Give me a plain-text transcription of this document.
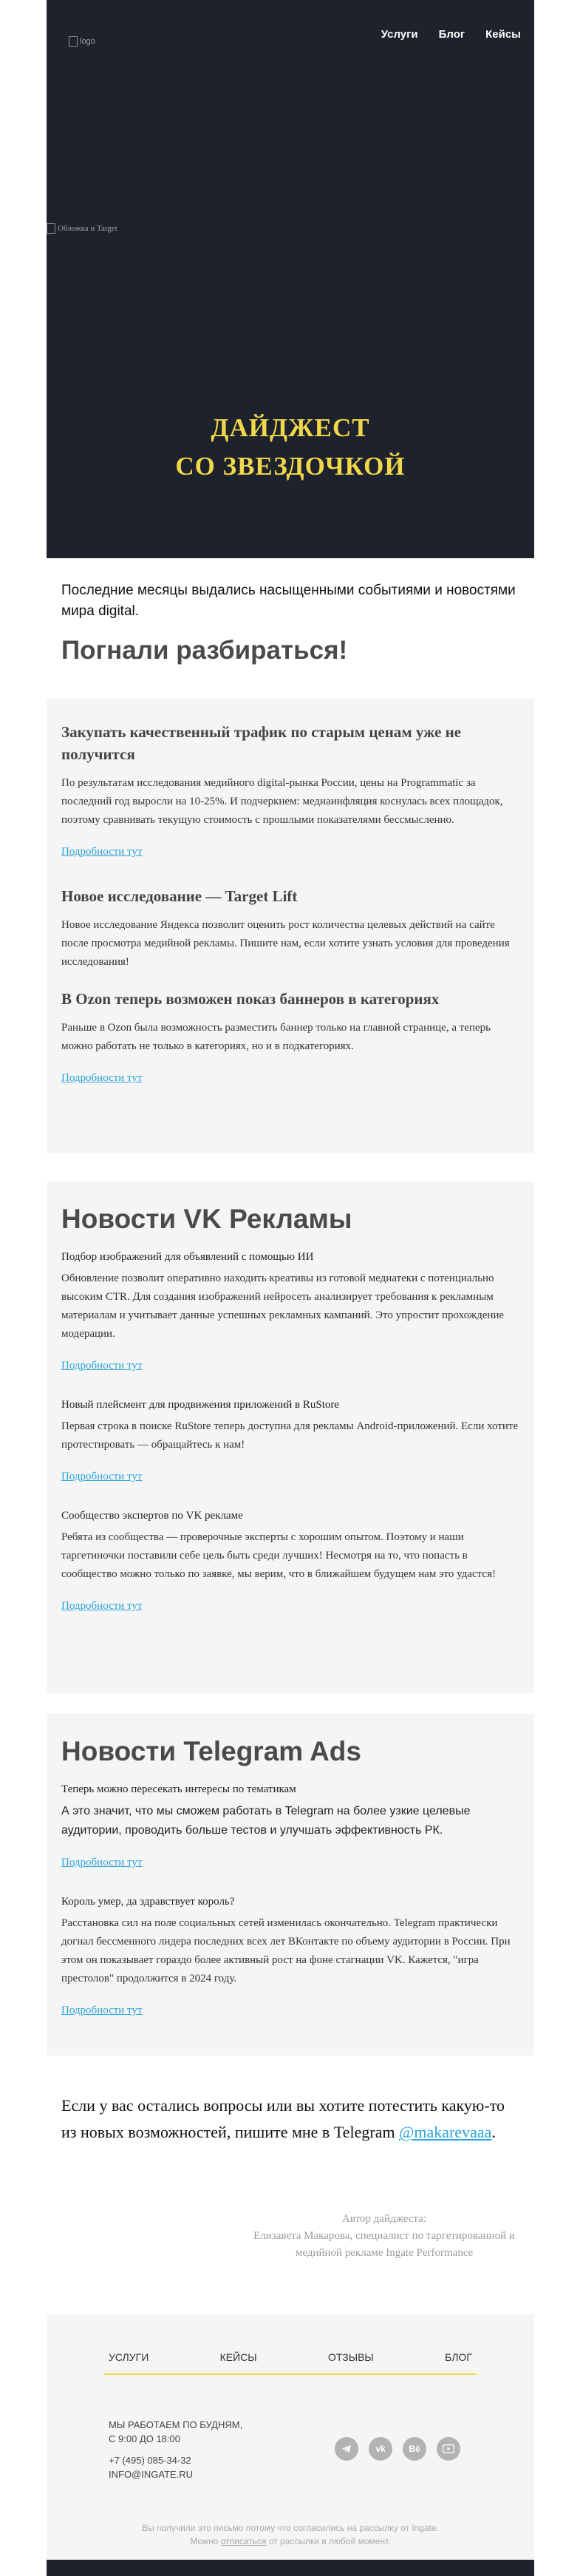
logo
Услуги Блог Кейсы
Обложка и Target
ДАЙДЖЕСТ
СО ЗВЕЗДОЧКОЙ
Последние месяцы выдались насыщенными событиями и новостями мира digital.
Погнали разбираться!
Закупать качественный трафик по старым ценам уже не получится

По результатам исследования медийного digital-рынка России, цены на Programmatic за последний год выросли на 10-25%. И подчеркнем: медиаинфляция коснулась всех площадок, поэтому сравнивать текущую стоимость с прошлыми показателями бессмысленно.

Подробности тут
Новое исследование — Target Lift

Новое исследование Яндекса позволит оценить рост количества целевых действий на сайте после просмотра медийной рекламы. Пишите нам, если хотите узнать условия для проведения исследования!

В Ozon теперь возможен показ баннеров в категориях

Раньше в Ozon была возможность разместить баннер только на главной странице, а теперь можно работать не только в категориях, но и в подкатегориях.

Подробности тут
Новости VK Рекламы
Подбор изображений для объявлений с помощью ИИ

Обновление позволит оперативно находить креативы из готовой медиатеки с потенциально высоким CTR. Для создания изображений нейросеть анализирует требования к рекламным материалам и учитывает данные успешных рекламных кампаний. Это упростит прохождение модерации.

Подробности тут
Новый плейсмент для продвижения приложений в RuStore

Первая строка в поиске RuStore теперь доступна для рекламы Android-приложений. Если хотите протестировать — обращайтесь к нам!

Подробности тут
Сообщество экспертов по VK рекламе

Ребята из сообщества — проверочные эксперты с хорошим опытом. Поэтому и наши таргетиночки поставили себе цель быть среди лучших! Несмотря на то, что попасть в сообщество можно только по заявке, мы верим, что в ближайшем будущем нам это удастся!

Подробности тут
Новости Telegram Ads
Теперь можно пересекать интересы по тематикам

А это значит, что мы сможем работать в Telegram на более узкие целевые аудитории, проводить больше тестов и улучшать эффективность РК.

Подробности тут
Король умер, да здравствует король?

Расстановка сил на поле социальных сетей изменилась окончательно. Telegram практически догнал бессменного лидера последних всех лет ВКонтакте по объему аудитории в России. При этом он показывает гораздо более активный рост на фоне стагнации VK. Кажется, "игра престолов" продолжится в 2024 году.

Подробности тут
Если у вас остались вопросы или вы хотите потестить какую-то из новых возможностей, пишите мне в Telegram @makarevaaa.
Автор дайджеста:
Елизавета Макарова, специалист по таргетированной и медийной рекламе Ingate Performance
УСЛУГИ	КЕЙСЫ	ОТЗЫВЫ	БЛОГ
МЫ РАБОТАЕМ ПО БУДНЯМ,
С 9:00 ДО 18:00
+7 (495) 085-34-32
INFO@INGATE.RU
vk	Bē
Вы получили это письмо потому что согласились на рассылку от Ingate.
Можно отписаться от рассылки в любой момент.
